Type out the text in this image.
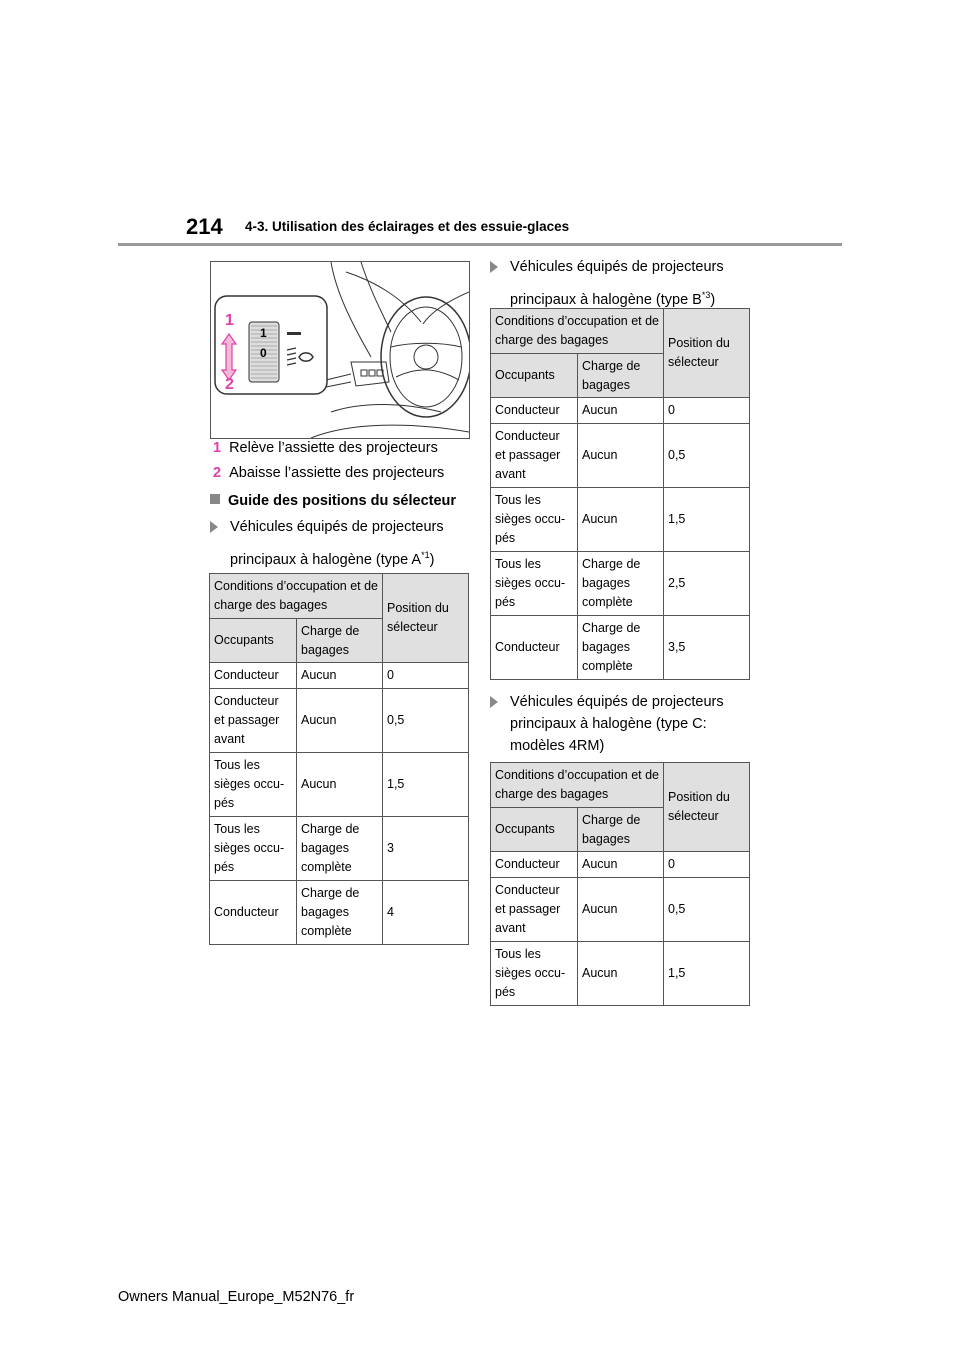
214 4-3. Utilisation des éclairages et des essuie-glaces
1
2
1
0
1 Relève l’assiette des projecteurs
2 Abaisse l’assiette des projecteurs
Guide des positions du sélecteur
Véhicules équipés de projecteurs
principaux à halogène (type $A^{*1}$)
Conditions d’occupation et de charge des bagages		Position du sélecteur
Occupants	Charge de bagages	
Conducteur	Aucun	0
Conducteur et passager avant	Aucun	0,5
Tous les sièges occu-pés	Aucun	1,5
Tous les sièges occu-pés	Charge de bagages complète	3
Conducteur	Charge de bagages complète	4
Véhicules équipés de projecteurs
principaux à halogène (type $B^{*3}$)
Conditions d’occupation et de charge des bagages		Position du sélecteur
Occupants	Charge de bagages	
Conducteur	Aucun	0
Conducteur et passager avant	Aucun	0,5
Tous les sièges occu-pés	Aucun	1,5
Tous les sièges occu-pés	Charge de bagages complète	2,5
Conducteur	Charge de bagages complète	3,5
Véhicules équipés de projecteurs
principaux à halogène (type C:
modèles 4RM)
Conditions d’occupation et de charge des bagages		Position du sélecteur
Occupants	Charge de bagages	
Conducteur	Aucun	0
Conducteur et passager avant	Aucun	0,5
Tous les sièges occu-pés	Aucun	1,5
Owners Manual_Europe_M52N76_fr
